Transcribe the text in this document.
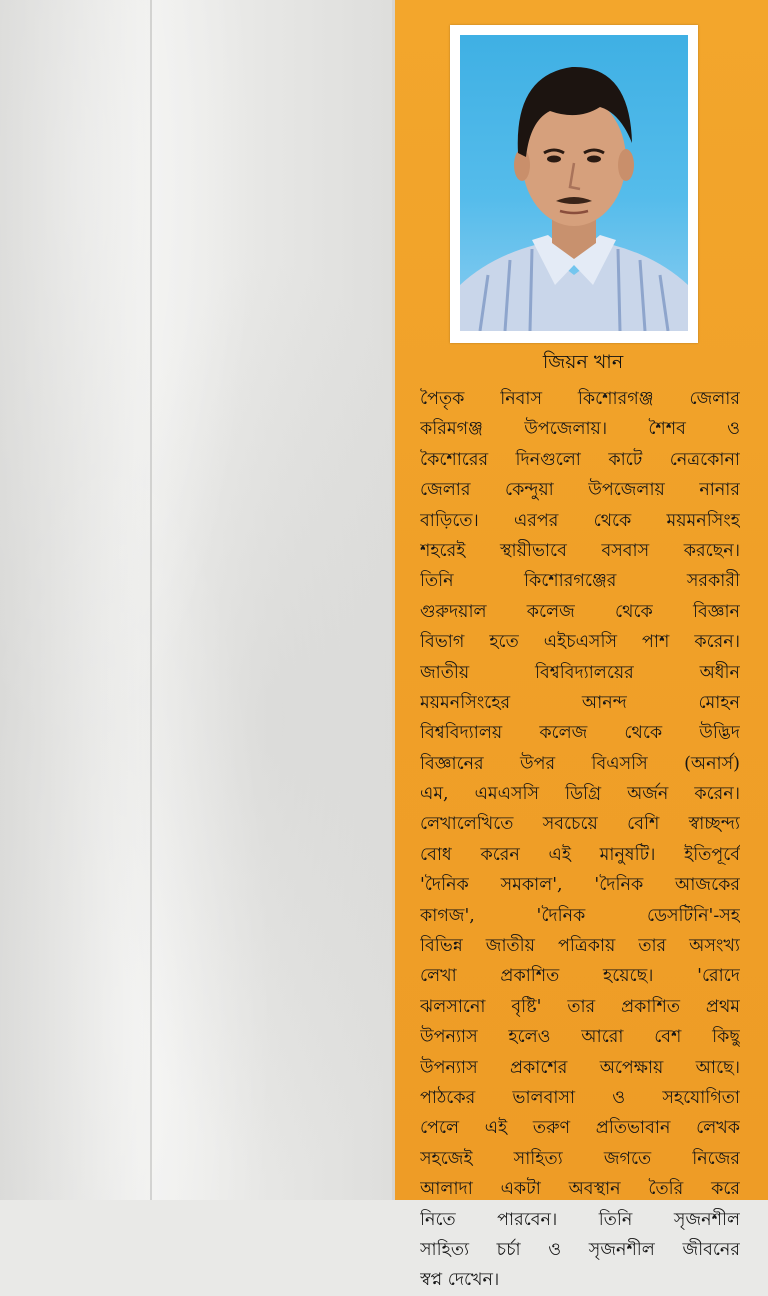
জিয়ন খান
পৈতৃক নিবাস কিশোরগঞ্জ জেলার
করিমগঞ্জ উপজেলায়। শৈশব ও
কৈশোরের দিনগুলো কাটে নেত্রকোনা
জেলার কেন্দুয়া উপজেলায় নানার
বাড়িতে। এরপর থেকে ময়মনসিংহ
শহরেই স্থায়ীভাবে বসবাস করছেন।
তিনি কিশোরগঞ্জের সরকারী
গুরুদয়াল কলেজ থেকে বিজ্ঞান
বিভাগ হতে এইচএসসি পাশ করেন।
জাতীয় বিশ্ববিদ্যালয়ের অধীন
ময়মনসিংহের আনন্দ মোহন
বিশ্ববিদ্যালয় কলেজ থেকে উদ্ভিদ
বিজ্ঞানের উপর বিএসসি (অনার্স)
এম, এমএসসি ডিগ্রি অর্জন করেন।
লেখালেখিতে সবচেয়ে বেশি স্বাচ্ছন্দ্য
বোধ করেন এই মানুষটি। ইতিপূর্বে
'দৈনিক সমকাল', 'দৈনিক আজকের
কাগজ', 'দৈনিক ডেসটিনি'-সহ
বিভিন্ন জাতীয় পত্রিকায় তার অসংখ্য
লেখা প্রকাশিত হয়েছে। 'রোদে
ঝলসানো বৃষ্টি' তার প্রকাশিত প্রথম
উপন্যাস হলেও আরো বেশ কিছু
উপন্যাস প্রকাশের অপেক্ষায় আছে।
পাঠকের ভালবাসা ও সহযোগিতা
পেলে এই তরুণ প্রতিভাবান লেখক
সহজেই সাহিত্য জগতে নিজের
আলাদা একটা অবস্থান তৈরি করে
নিতে পারবেন। তিনি সৃজনশীল
সাহিত্য চর্চা ও সৃজনশীল জীবনের
স্বপ্ন দেখেন।
